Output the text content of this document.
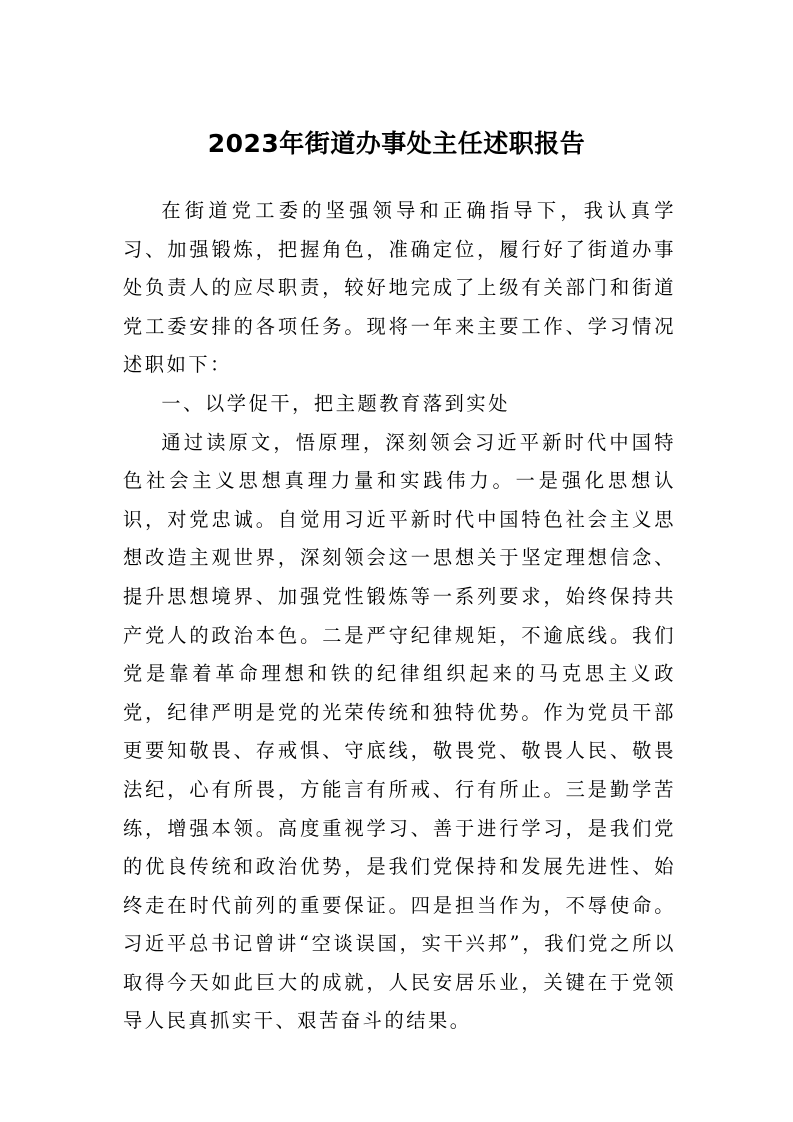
2023年街道办事处主任述职报告

在街道党工委的坚强领导和正确指导下，我认真学习、加强锻炼，把握角色，准确定位，履行好了街道办事处负责人的应尽职责，较好地完成了上级有关部门和街道党工委安排的各项任务。现将一年来主要工作、学习情况述职如下：

一、以学促干，把主题教育落到实处

通过读原文，悟原理，深刻领会习近平新时代中国特色社会主义思想真理力量和实践伟力。一是强化思想认识，对党忠诚。自觉用习近平新时代中国特色社会主义思想改造主观世界，深刻领会这一思想关于坚定理想信念、提升思想境界、加强党性锻炼等一系列要求，始终保持共产党人的政治本色。二是严守纪律规矩，不逾底线。我们党是靠着革命理想和铁的纪律组织起来的马克思主义政党，纪律严明是党的光荣传统和独特优势。作为党员干部更要知敬畏、存戒惧、守底线，敬畏党、敬畏人民、敬畏法纪，心有所畏，方能言有所戒、行有所止。三是勤学苦练，增强本领。高度重视学习、善于进行学习，是我们党的优良传统和政治优势，是我们党保持和发展先进性、始终走在时代前列的重要保证。四是担当作为，不辱使命。习近平总书记曾讲“空谈误国，实干兴邦”，我们党之所以取得今天如此巨大的成就，人民安居乐业，关键在于党领导人民真抓实干、艰苦奋斗的结果。
